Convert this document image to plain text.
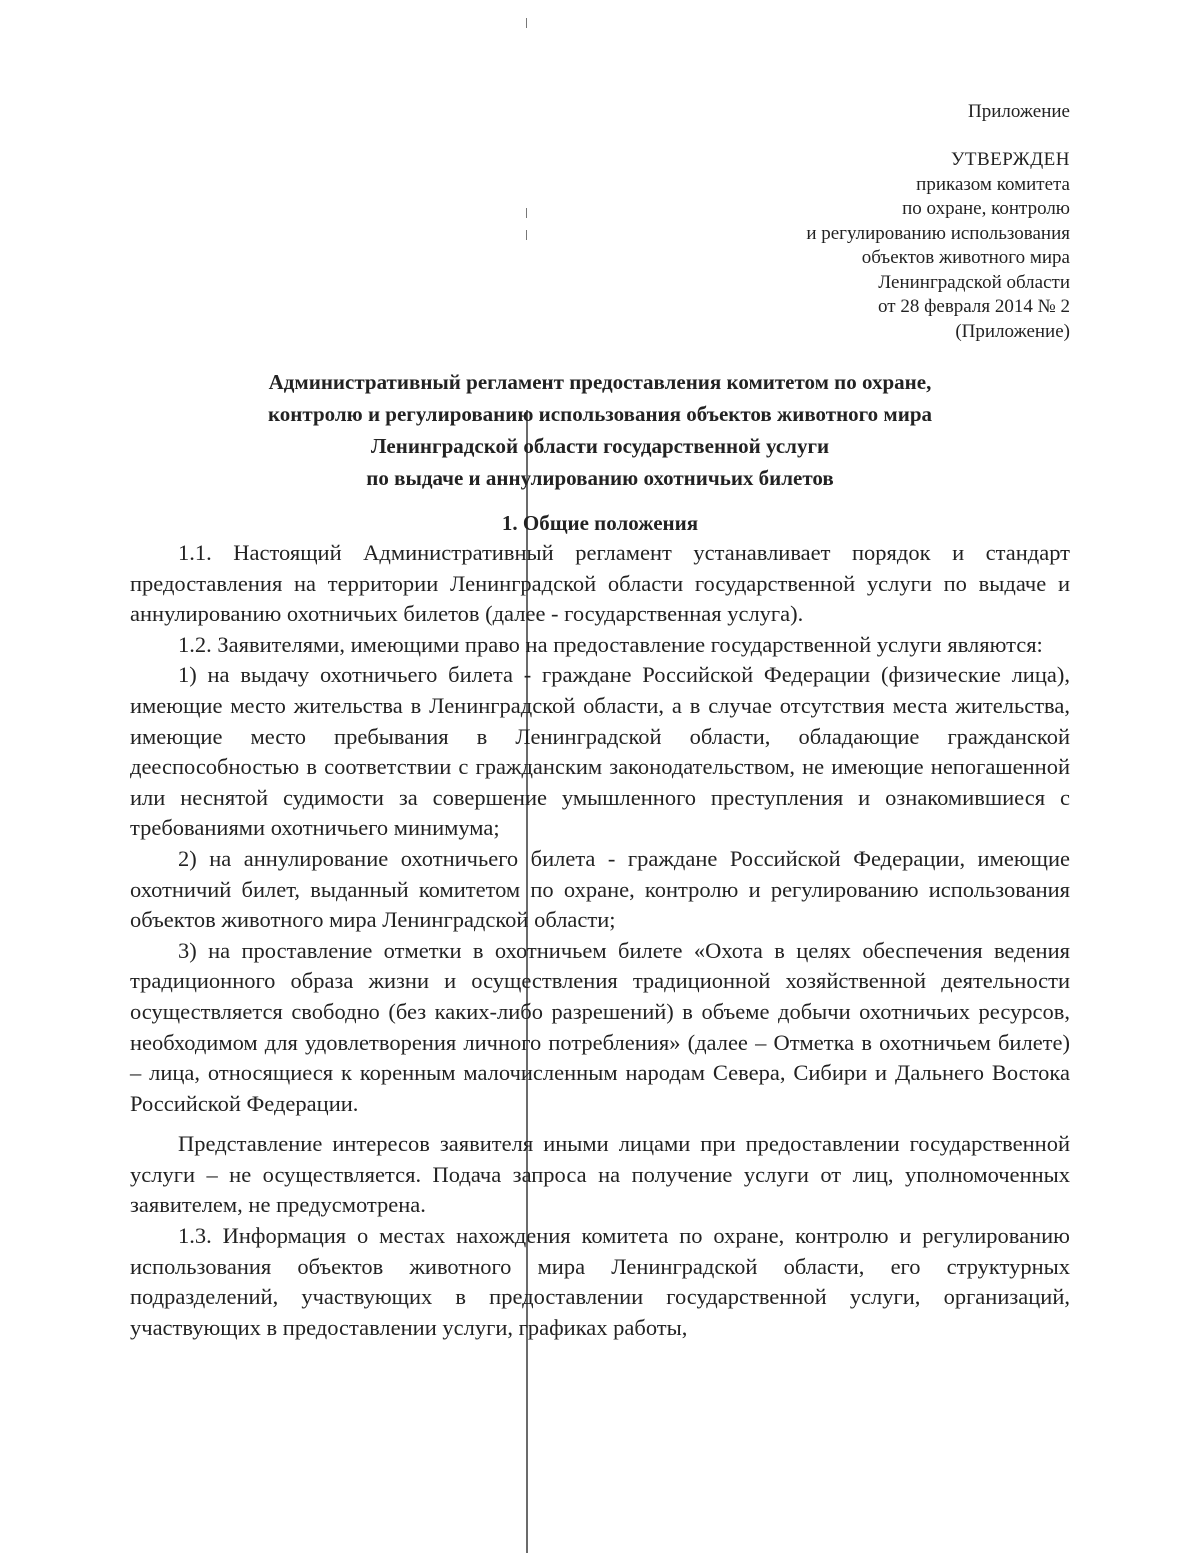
Приложение
УТВЕРЖДЕН
приказом комитета
по охране, контролю
и регулированию использования
объектов животного мира
Ленинградской области
от 28 февраля 2014 № 2
(Приложение)
Административный регламент предоставления комитетом по охране,
контролю и регулированию использования объектов животного мира
Ленинградской области государственной услуги
по выдаче и аннулированию охотничьих билетов
1. Общие положения

1.1. Настоящий Административный регламент устанавливает порядок и стандарт предоставления на территории Ленинградской области государственной услуги по выдаче и аннулированию охотничьих билетов (далее - государственная услуга).

1.2. Заявителями, имеющими право на предоставление государственной услуги являются:

1) на выдачу охотничьего билета - граждане Российской Федерации (физические лица), имеющие место жительства в Ленинградской области, а в случае отсутствия места жительства, имеющие место пребывания в Ленинградской области, обладающие гражданской дееспособностью в соответствии с гражданским законодательством, не имеющие непогашенной или неснятой судимости за совершение умышленного преступления и ознакомившиеся с требованиями охотничьего минимума;

2) на аннулирование охотничьего билета - граждане Российской Федерации, имеющие охотничий билет, выданный комитетом по охране, контролю и регулированию использования объектов животного мира Ленинградской области;

3) на проставление отметки в охотничьем билете «Охота в целях обеспечения ведения традиционного образа жизни и осуществления традиционной хозяйственной деятельности осуществляется свободно (без каких-либо разрешений) в объеме добычи охотничьих ресурсов, необходимом для удовлетворения личного потребления» (далее – Отметка в охотничьем билете) – лица, относящиеся к коренным малочисленным народам Севера, Сибири и Дальнего Востока Российской Федерации.

Представление интересов заявителя иными лицами при предоставлении государственной услуги – не осуществляется. Подача запроса на получение услуги от лиц, уполномоченных заявителем, не предусмотрена.

1.3. Информация о местах нахождения комитета по охране, контролю и регулированию использования объектов животного мира Ленинградской области, его структурных подразделений, участвующих в предоставлении государственной услуги, организаций, участвующих в предоставлении услуги, графиках работы,
